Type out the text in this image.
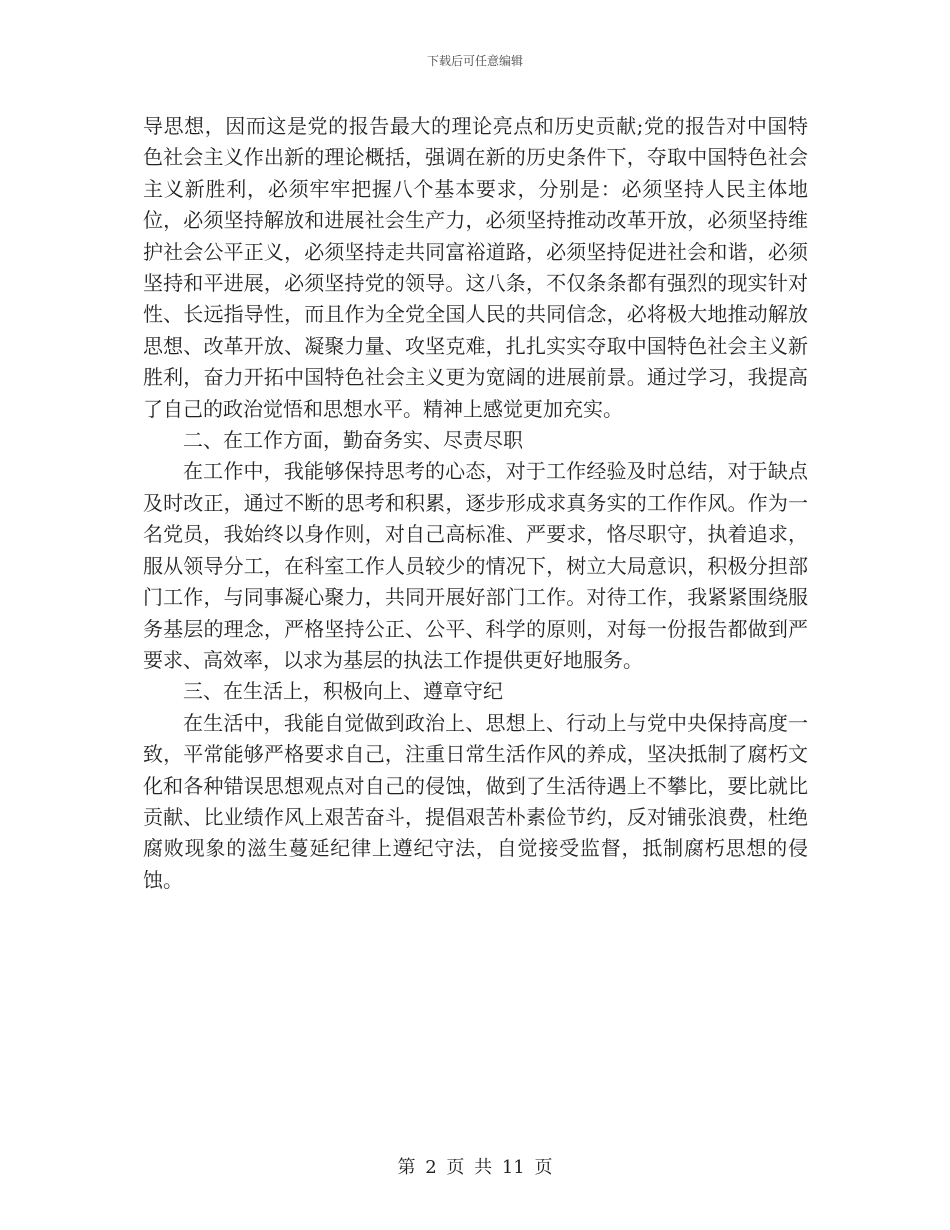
下载后可任意编辑

导思想，因而这是党的报告最大的理论亮点和历史贡献;党的报告对中国特色社会主义作出新的理论概括，强调在新的历史条件下，夺取中国特色社会主义新胜利，必须牢牢把握八个基本要求，分别是：必须坚持人民主体地位，必须坚持解放和进展社会生产力，必须坚持推动改革开放，必须坚持维护社会公平正义，必须坚持走共同富裕道路，必须坚持促进社会和谐，必须坚持和平进展，必须坚持党的领导。这八条，不仅条条都有强烈的现实针对性、长远指导性，而且作为全党全国人民的共同信念，必将极大地推动解放思想、改革开放、凝聚力量、攻坚克难，扎扎实实夺取中国特色社会主义新胜利，奋力开拓中国特色社会主义更为宽阔的进展前景。通过学习，我提高了自己的政治觉悟和思想水平。精神上感觉更加充实。

二、在工作方面，勤奋务实、尽责尽职

在工作中，我能够保持思考的心态，对于工作经验及时总结，对于缺点及时改正，通过不断的思考和积累，逐步形成求真务实的工作作风。作为一名党员，我始终以身作则，对自己高标准、严要求，恪尽职守，执着追求，服从领导分工，在科室工作人员较少的情况下，树立大局意识，积极分担部门工作，与同事凝心聚力，共同开展好部门工作。对待工作，我紧紧围绕服务基层的理念，严格坚持公正、公平、科学的原则，对每一份报告都做到严要求、高效率，以求为基层的执法工作提供更好地服务。

三、在生活上，积极向上、遵章守纪

在生活中，我能自觉做到政治上、思想上、行动上与党中央保持高度一致，平常能够严格要求自己，注重日常生活作风的养成，坚决抵制了腐朽文化和各种错误思想观点对自己的侵蚀，做到了生活待遇上不攀比，要比就比贡献、比业绩作风上艰苦奋斗，提倡艰苦朴素俭节约，反对铺张浪费，杜绝腐败现象的滋生蔓延纪律上遵纪守法，自觉接受监督，抵制腐朽思想的侵蚀。

第 2 页 共 11 页
